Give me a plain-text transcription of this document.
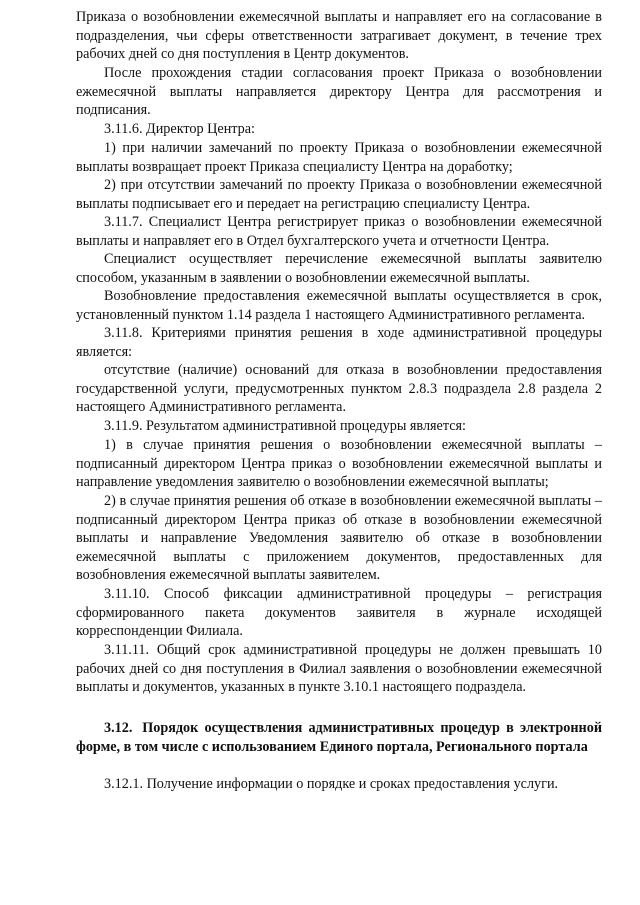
Приказа о возобновлении ежемесячной выплаты и направляет его на согласование в подразделения, чьи сферы ответственности затрагивает документ, в течение трех рабочих дней со дня поступления в Центр документов.
После прохождения стадии согласования проект Приказа о возобновлении ежемесячной выплаты направляется директору Центра для рассмотрения и подписания.
3.11.6. Директор Центра:
1) при наличии замечаний по проекту Приказа о возобновлении ежемесячной выплаты возвращает проект Приказа специалисту Центра на доработку;
2) при отсутствии замечаний по проекту Приказа о возобновлении ежемесячной выплаты подписывает его и передает на регистрацию специалисту Центра.
3.11.7. Специалист Центра регистрирует приказ о возобновлении ежемесячной выплаты и направляет его в Отдел бухгалтерского учета и отчетности Центра.
Специалист осуществляет перечисление ежемесячной выплаты заявителю способом, указанным в заявлении о возобновлении ежемесячной выплаты.
Возобновление предоставления ежемесячной выплаты осуществляется в срок, установленный пунктом 1.14 раздела 1 настоящего Административного регламента.
3.11.8. Критериями принятия решения в ходе административной процедуры является:
отсутствие (наличие) оснований для отказа в возобновлении предоставления государственной услуги, предусмотренных пунктом 2.8.3 подраздела 2.8 раздела 2 настоящего Административного регламента.
3.11.9. Результатом административной процедуры является:
1) в случае принятия решения о возобновлении ежемесячной выплаты – подписанный директором Центра приказ о возобновлении ежемесячной выплаты и направление уведомления заявителю о возобновлении ежемесячной выплаты;
2) в случае принятия решения об отказе в возобновлении ежемесячной выплаты – подписанный директором Центра приказ об отказе в возобновлении ежемесячной выплаты и направление Уведомления заявителю об отказе в возобновлении ежемесячной выплаты с приложением документов, предоставленных для возобновления ежемесячной выплаты заявителем.
3.11.10. Способ фиксации административной процедуры – регистрация сформированного пакета документов заявителя в журнале исходящей корреспонденции Филиала.
3.11.11. Общий срок административной процедуры не должен превышать 10 рабочих дней со дня поступления в Филиал заявления о возобновлении ежемесячной выплаты и документов, указанных в пункте 3.10.1 настоящего подраздела.
3.12. Порядок осуществления административных процедур в электронной форме, в том числе с использованием Единого портала, Регионального портала
3.12.1. Получение информации о порядке и сроках предоставления услуги.
